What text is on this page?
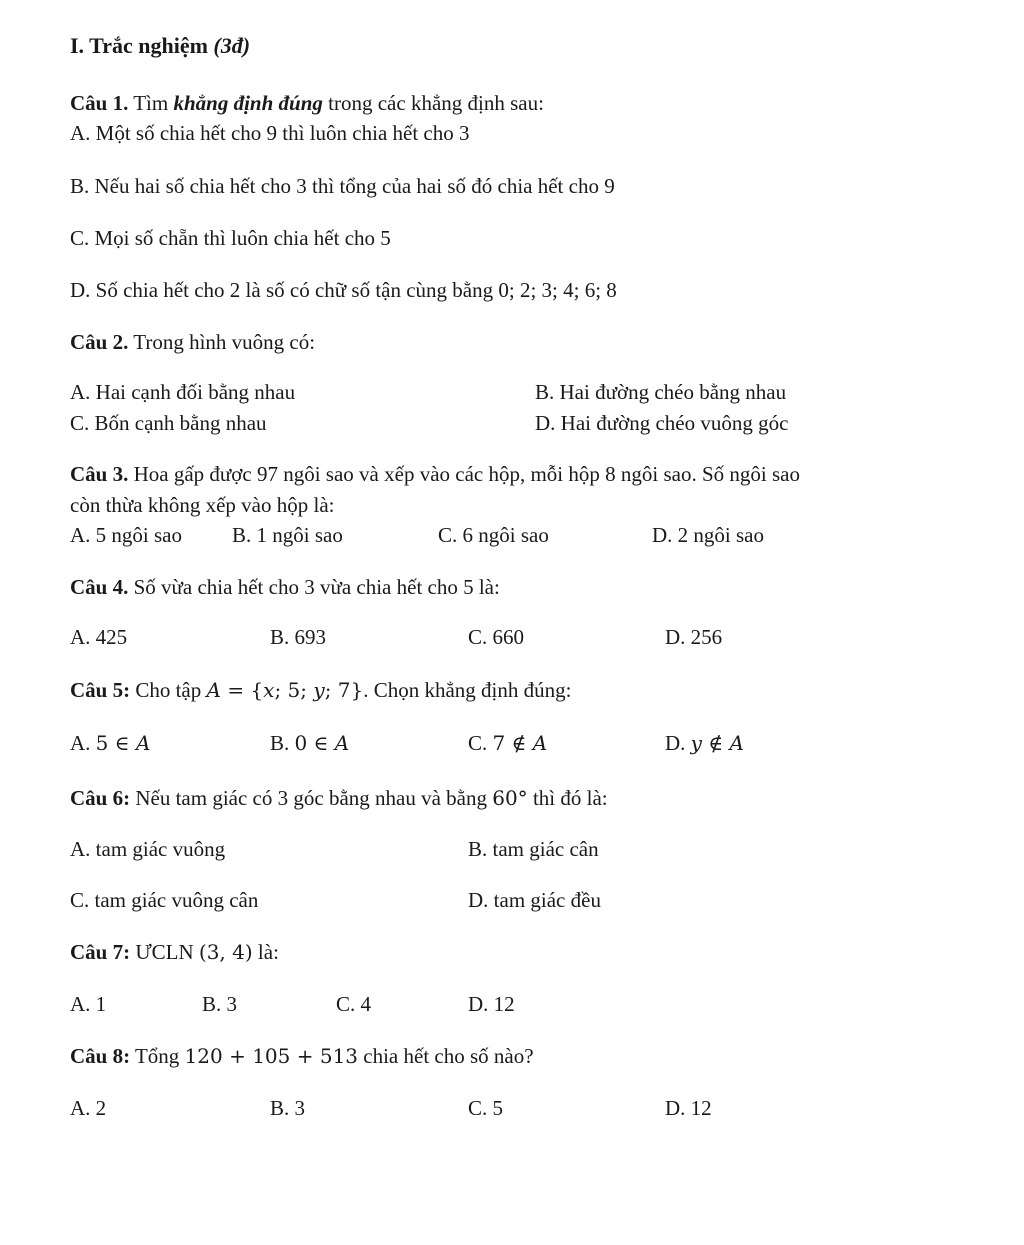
I. Trắc nghiệm (3đ)
Câu 1. Tìm khẳng định đúng trong các khẳng định sau:
A. Một số chia hết cho 9 thì luôn chia hết cho 3
B. Nếu hai số chia hết cho 3 thì tổng của hai số đó chia hết cho 9
C. Mọi số chẵn thì luôn chia hết cho 5
D. Số chia hết cho 2 là số có chữ số tận cùng bằng 0; 2; 3; 4; 6; 8
Câu 2. Trong hình vuông có:
A. Hai cạnh đối bằng nhau	B. Hai đường chéo bằng nhau
C. Bốn cạnh bằng nhau	D. Hai đường chéo vuông góc
Câu 3. Hoa gấp được 97 ngôi sao và xếp vào các hộp, mỗi hộp 8 ngôi sao. Số ngôi sao
còn thừa không xếp vào hộp là:
A. 5 ngôi sao B. 1 ngôi sao	C. 6 ngôi sao	D. 2 ngôi sao
Câu 4. Số vừa chia hết cho 3 vừa chia hết cho 5 là:
A. 425	B. 693	C. 660	D. 256
Câu 5: Cho tập A = {x; 5; y; 7}. Chọn khẳng định đúng:
A. 5 ∈ A	B. 0 ∈ A	C. 7 ∉ A	D. y ∉ A
Câu 6: Nếu tam giác có 3 góc bằng nhau và bằng 60° thì đó là:
A. tam giác vuông	B. tam giác cân
C. tam giác vuông cân	D. tam giác đều
Câu 7: ƯCLN (3, 4) là:
A. 1	B. 3	C. 4	D. 12
Câu 8: Tổng 120 + 105 + 513 chia hết cho số nào?
A. 2	B. 3	C. 5	D. 12
